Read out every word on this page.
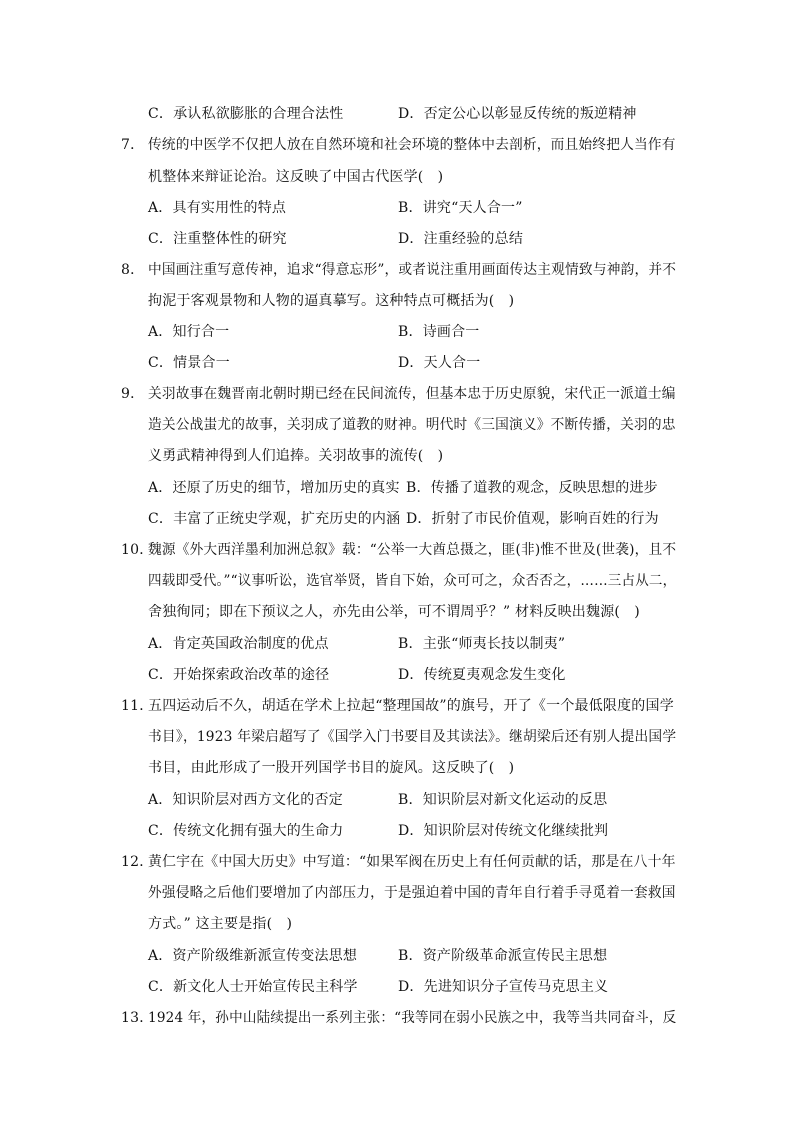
C．承认私欲膨胀的合理合法性	D．否定公心以彰显反传统的叛逆精神
7． 传统的中医学不仅把人放在自然环境和社会环境的整体中去剖析，而且始终把人当作有
机整体来辩证论治。这反映了中国古代医学(　)
A．具有实用性的特点	B．讲究“天人合一”
C．注重整体性的研究	D．注重经验的总结
8． 中国画注重写意传神，追求“得意忘形”，或者说注重用画面传达主观情致与神韵，并不
拘泥于客观景物和人物的逼真摹写。这种特点可概括为(　)
A．知行合一	B．诗画合一
C．情景合一	D．天人合一
9． 关羽故事在魏晋南北朝时期已经在民间流传，但基本忠于历史原貌，宋代正一派道士编
造关公战蚩尤的故事，关羽成了道教的财神。明代时《三国演义》不断传播，关羽的忠
义勇武精神得到人们追捧。关羽故事的流传(　)
A．还原了历史的细节，增加历史的真实 B．传播了道教的观念，反映思想的进步
C．丰富了正统史学观，扩充历史的内涵 D．折射了市民价值观，影响百姓的行为
10．
魏源《外大西洋墨利加洲总叙》载：“公举一大酋总摄之，匪(非)惟不世及(世袭)，且不
四载即受代。”“议事听讼，选官举贤，皆自下始，众可可之，众否否之，……三占从二，
舍独徇同；即在下预议之人，亦先由公举，可不谓周乎？” 材料反映出魏源(　)
A．肯定英国政治制度的优点	B．主张“师夷长技以制夷”
C．开始探索政治改革的途径	D．传统夏夷观念发生变化
11．
五四运动后不久，胡适在学术上拉起“整理国故”的旗号，开了《一个最低限度的国学
书目》，1923 年梁启超写了《国学入门书要目及其读法》。继胡梁后还有别人提出国学
书目，由此形成了一股开列国学书目的旋风。这反映了(　)
A．知识阶层对西方文化的否定	B．知识阶层对新文化运动的反思
C．传统文化拥有强大的生命力	D．知识阶层对传统文化继续批判
12．
黄仁宇在《中国大历史》中写道：“如果军阀在历史上有任何贡献的话，那是在八十年
外强侵略之后他们要增加了内部压力，于是强迫着中国的青年自行着手寻觅着一套救国
方式。” 这主要是指(　)
A．资产阶级维新派宣传变法思想	B．资产阶级革命派宣传民主思想
C．新文化人士开始宣传民主科学	D．先进知识分子宣传马克思主义
13．
1924 年，孙中山陆续提出一系列主张：“我等同在弱小民族之中，我等当共同奋斗，反
